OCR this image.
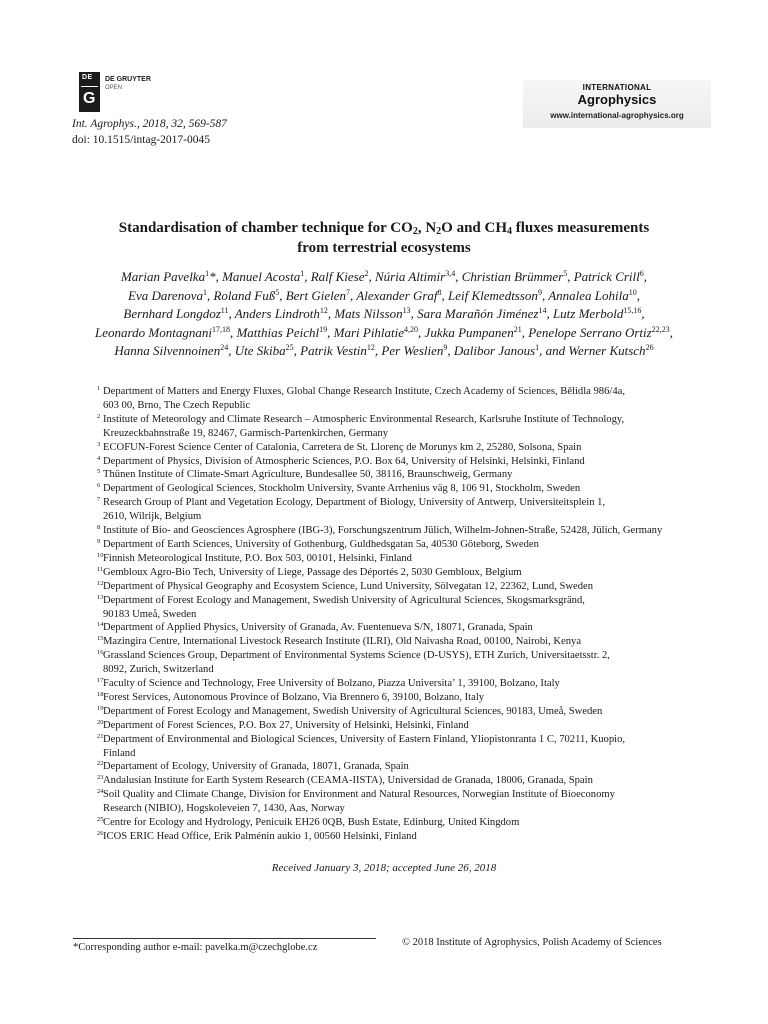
DE
G
DE GRUYTER
OPEN	INTERNATIONAL
Agrophysics
www.international-agrophysics.org
Int. Agrophys., 2018, 32, 569-587
doi: 10.1515/intag-2017-0045
Standardisation of chamber technique for $CO_2$, $N_2O$ and $CH_4$ fluxes measurements
from terrestrial ecosystems
Marian Pavelka$^1$*, Manuel Acosta$^1$, Ralf Kiese$^2$, Núria Altimir$^{3,4}$, Christian Brümmer$^5$, Patrick Crill$^6$,
Eva Darenova$^1$, Roland Fuß$^5$, Bert Gielen$^7$, Alexander Graf$^8$, Leif Klemedtsson$^9$, Annalea Lohila$^{10}$,
Bernhard Longdoz$^{11}$, Anders Lindroth$^{12}$, Mats Nilsson$^{13}$, Sara Marañón Jiménez$^{14}$, Lutz Merbold$^{15,16}$,
Leonardo Montagnani$^{17,18}$, Matthias Peichl$^{19}$, Mari Pihlatie$^{4,20}$, Jukka Pumpanen$^{21}$, Penelope Serrano Ortiz$^{22,23}$,
Hanna Silvennoinen$^{24}$, Ute Skiba$^{25}$, Patrik Vestin$^{12}$, Per Weslien$^9$, Dalibor Janous$^1$, and Werner Kutsch$^{26}$
1 Department of Matters and Energy Fluxes, Global Change Research Institute, Czech Academy of Sciences, Bělidla 986/4a,
603 00, Brno, The Czech Republic
2 Institute of Meteorology and Climate Research – Atmospheric Environmental Research, Karlsruhe Institute of Technology,
Kreuzeckbahnstraße 19, 82467, Garmisch-Partenkirchen, Germany
3 ECOFUN-Forest Science Center of Catalonia, Carretera de St. Llorenç de Morunys km 2, 25280, Solsona, Spain
4 Department of Physics, Division of Atmospheric Sciences, P.O. Box 64, University of Helsinki, Helsinki, Finland
5 Thünen Institute of Climate-Smart Agriculture, Bundesallee 50, 38116, Braunschweig, Germany
6 Department of Geological Sciences, Stockholm University, Svante Arrhenius väg 8, 106 91, Stockholm, Sweden
7 Research Group of Plant and Vegetation Ecology, Department of Biology, University of Antwerp, Universiteitsplein 1,
2610, Wilrijk, Belgium
8 Institute of Bio- and Geosciences Agrosphere (IBG-3), Forschungszentrum Jülich, Wilhelm-Johnen-Straße, 52428, Jülich, Germany
9 Department of Earth Sciences, University of Gothenburg, Guldhedsgatan 5a, 40530 Göteborg, Sweden
10 Finnish Meteorological Institute, P.O. Box 503, 00101, Helsinki, Finland
11 Gembloux Agro-Bio Tech, University of Liege, Passage des Déportés 2, 5030 Gembloux, Belgium
12 Department of Physical Geography and Ecosystem Science, Lund University, Sölvegatan 12, 22362, Lund, Sweden
13 Department of Forest Ecology and Management, Swedish University of Agricultural Sciences, Skogsmarksgränd,
90183 Umeå, Sweden
14 Department of Applied Physics, University of Granada, Av. Fuentenueva S/N, 18071, Granada, Spain
15 Mazingira Centre, International Livestock Research Institute (ILRI), Old Naivasha Road, 00100, Nairobi, Kenya
16 Grassland Sciences Group, Department of Environmental Systems Science (D-USYS), ETH Zurich, Universitaetsstr. 2,
8092, Zurich, Switzerland
17 Faculty of Science and Technology, Free University of Bolzano, Piazza Universita’ 1, 39100, Bolzano, Italy
18 Forest Services, Autonomous Province of Bolzano, Via Brennero 6, 39100, Bolzano, Italy
19 Department of Forest Ecology and Management, Swedish University of Agricultural Sciences, 90183, Umeå, Sweden
20 Department of Forest Sciences, P.O. Box 27, University of Helsinki, Helsinki, Finland
21 Department of Environmental and Biological Sciences, University of Eastern Finland, Yliopistonranta 1 C, 70211, Kuopio,
Finland
22 Departament of Ecology, University of Granada, 18071, Granada, Spain
23 Andalusian Institute for Earth System Research (CEAMA-IISTA), Universidad de Granada, 18006, Granada, Spain
24 Soil Quality and Climate Change, Division for Environment and Natural Resources, Norwegian Institute of Bioeconomy
Research (NIBIO), Hogskoleveien 7, 1430, Aas, Norway
25 Centre for Ecology and Hydrology, Penicuik EH26 0QB, Bush Estate, Edinburg, United Kingdom
26 ICOS ERIC Head Office, Erik Palménin aukio 1, 00560 Helsinki, Finland
Received January 3, 2018; accepted June 26, 2018
*Corresponding author e-mail: pavelka.m@czechglobe.cz	© 2018 Institute of Agrophysics, Polish Academy of Sciences
